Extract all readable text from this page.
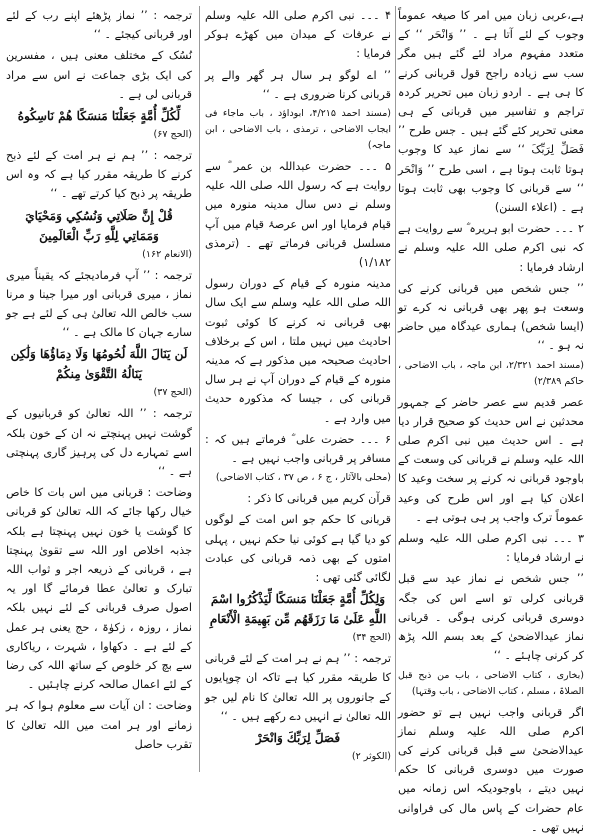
ہے،عربی زبان میں امر کا صیغہ عموماً وجوب کے لئے آتا ہے ۔ ’’ وَانْحَر ‘‘ کے متعدد مفہوم مراد لئے گئے ہیں مگر سب سے زیادہ راجح قول قربانی کرنے کا ہی ہے ۔ اردو زبان میں تحریر کردہ تراجم و تفاسیر میں قربانی کے ہی معنی تحریر کئے گئے ہیں ۔ جس طرح ’’ فَصَلِّ لِرَبِّکَ ‘‘ سے نماز عید کا وجوب ہوتا ثابت ہوتا ہے ، اسی طرح ’’ وَانْحَر ‘‘ سے قربانی کا وجوب بھی ثابت ہوتا ہے ۔ (اعلاء السنن)

۲ ۔۔۔ حضرت ابو ہریرہ ؓ سے روایت ہے کہ نبی اکرم صلی اللہ علیہ وسلم نے ارشاد فرمایا :

’’ جس شخص میں قربانی کرنے کی وسعت ہو پھر بھی قربانی نہ کرے تو (ایسا شخص) ہماری عیدگاہ میں حاضر نہ ہو ۔ ‘‘

(مسند احمد ۲/۳۲۱، ابن ماجہ ، باب الاضاحی ، حاکم ۲/۳۸۹)

عصر قدیم سے عصر حاضر کے جمہور محدثین نے اس حدیث کو صحیح قرار دیا ہے ۔ اس حدیث میں نبی اکرم صلی اللہ علیہ وسلم نے قربانی کی وسعت کے باوجود قربانی نہ کرنے پر سخت وعید کا اعلان کیا ہے اور اس طرح کی وعید عموماً ترک واجب پر ہی ہوتی ہے ۔

۳ ۔۔۔ نبی اکرم صلی اللہ علیہ وسلم نے ارشاد فرمایا :

’’ جس شخص نے نماز عید سے قبل قربانی کرلی تو اسے اس کی جگہ دوسری قربانی کرنی ہوگی ۔ قربانی نماز عیدالاضحیٰ کے بعد بسم اللہ پڑھ کر کرنی چاہئے ۔ ‘‘

(بخاری ، کتاب الاضاحی ، باب من ذبح قبل الصلاۃ ، مسلم ، کتاب الاضاحی ، باب وقتہا)

اگر قربانی واجب نہیں ہے تو حضور اکرم صلی اللہ علیہ وسلم نماز عیدالاضحیٰ سے قبل قربانی کرنے کی صورت میں دوسری قربانی کا حکم نہیں دیتے ، باوجودیکہ اس زمانہ میں عام حضرات کے پاس مال کی فراوانی نہیں تھی ۔

۴ ۔۔۔ نبی اکرم صلی اللہ علیہ وسلم نے عرفات کے میدان میں کھڑے ہوکر فرمایا :

’’ اے لوگو ہر سال ہر گھر والے پر قربانی کرنا ضروری ہے ۔ ‘‘

(مسند احمد ۴/۲۱۵، ابوداؤد ، باب ماجاء فی ایجاب الاضاحی ، ترمذی ، باب الاضاحی ، ابن ماجہ)

۵ ۔۔۔ حضرت عبداللہ بن عمر ؓ سے روایت ہے کہ رسول اللہ صلی اللہ علیہ وسلم نے دس سال مدینہ منورہ میں قیام فرمایا اور اس عرصۂ قیام میں آپ مسلسل قربانی فرماتے تھے ۔ (ترمذی ۱/۱۸۲)

مدینہ منورہ کے قیام کے دوران رسول اللہ صلی اللہ علیہ وسلم سے ایک سال بھی قربانی نہ کرنے کا کوئی ثبوت احادیث میں نہیں ملتا ، اس کے برخلاف احادیث صحیحہ میں مذکور ہے کہ مدینہ منورہ کے قیام کے دوران آپ نے ہر سال قربانی کی ، جیسا کہ مذکورہ حدیث میں وارد ہے ۔

۶ ۔۔۔ حضرت علی ؓ فرماتے ہیں کہ : مسافر پر قربانی واجب نہیں ہے ۔

(محلی بالآثار ، ج ۶ ، ص ۳۷ ، کتاب الاضاحی)

قرآن کریم میں قربانی کا ذکر :

قربانی کا حکم جو اس امت کے لوگوں کو دیا گیا ہے کوئی نیا حکم نہیں ، پہلی امتوں کے بھی ذمہ قربانی کی عبادت لگائی گئی تھی :

وَلِكُلِّ أُمَّةٍ جَعَلْنَا مَنسَكًا لِّيَذْكُرُوا اسْمَ اللَّهِ عَلَىٰ مَا رَزَقَهُم مِّن بَهِيمَةِ الْأَنْعَامِ

(الحج ۳۴)

ترجمہ : ’’ ہم نے ہر امت کے لئے قربانی کا طریقہ مقرر کیا ہے تاکہ ان چوپایوں کے جانوروں پر اللہ تعالیٰ کا نام لیں جو اللہ تعالیٰ نے انہیں دے رکھے ہیں ۔ ‘‘

فَصَلِّ لِرَبِّكَ وَانْحَرْ

(الکوثر ۲)

ترجمہ : ’’ نماز پڑھئے اپنے رب کے لئے اور قربانی کیجئے ۔ ‘‘

نُسُک کے مختلف معنی ہیں ، مفسرین کی ایک بڑی جماعت نے اس سے مراد قربانی لی ہے ۔

لِّكُلِّ أُمَّةٍ جَعَلْنَا مَنسَكًا هُمْ نَاسِكُوهُ

(الحج ۶۷)

ترجمہ : ’’ ہم نے ہر امت کے لئے ذبح کرنے کا طریقہ مقرر کیا ہے کہ وہ اس طریقہ پر ذبح کیا کرتے تھے ۔ ‘‘

قُلْ إِنَّ صَلَاتِي وَنُسُكِي وَمَحْيَايَ وَمَمَاتِي لِلَّهِ رَبِّ الْعَالَمِينَ

(الانعام ۱۶۲)

ترجمہ : ’’ آپ فرمادیجئے کہ یقیناً میری نماز ، میری قربانی اور میرا جینا و مرنا سب خالص اللہ تعالیٰ ہی کے لئے ہے جو سارے جہان کا مالک ہے ۔ ‘‘

لَن يَنَالَ اللَّهَ لُحُومُهَا وَلَا دِمَاؤُهَا وَلَٰكِن يَنَالُهُ التَّقْوَىٰ مِنكُمْ

(الحج ۳۷)

ترجمہ : ’’ اللہ تعالیٰ کو قربانیوں کے گوشت نہیں پہنچتے نہ ان کے خون بلکہ اسے تمہارے دل کی پرہیز گاری پہنچتی ہے ۔ ‘‘

وضاحت : قربانی میں اس بات کا خاص خیال رکھا جائے کہ اللہ تعالیٰ کو قربانی کا گوشت یا خون نہیں پہنچتا ہے بلکہ جذبہ اخلاص اور اللہ سے تقویٰ پہنچتا ہے ، قربانی کے ذریعہ اجر و ثواب اللہ تبارک و تعالیٰ عطا فرمائے گا اور یہ اصول صرف قربانی کے لئے نہیں بلکہ نماز ، روزہ ، زکوٰۃ ، حج یعنی ہر عمل کے لئے ہے ۔ دکھاوا ، شہرت ، ریاکاری سے بچ کر خلوص کے ساتھ اللہ کی رضا کے لئے اعمال صالحہ کرنے چاہئیں ۔

وضاحت : ان آیات سے معلوم ہوا کہ ہر زمانے اور ہر امت میں اللہ تعالیٰ کا تقرب حاصل
